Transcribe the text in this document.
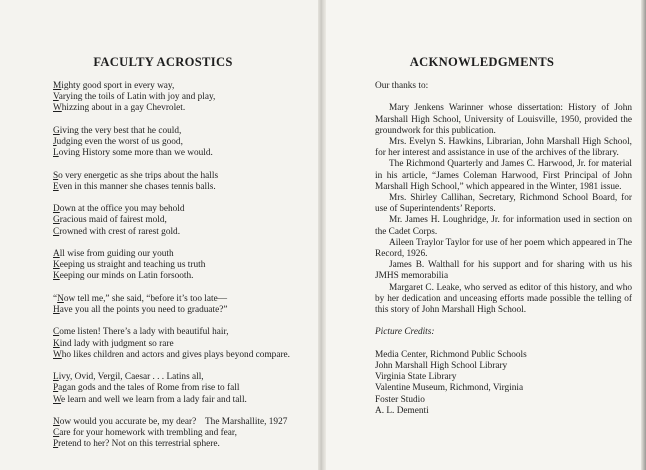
FACULTY ACROSTICS
Mighty good sport in every way,
Varying the toils of Latin with joy and play,
Whizzing about in a gay Chevrolet.
Giving the very best that he could,
Judging even the worst of us good,
Loving History some more than we would.
So very energetic as she trips about the halls
Even in this manner she chases tennis balls.
Down at the office you may behold
Gracious maid of fairest mold,
Crowned with crest of rarest gold.
All wise from guiding our youth
Keeping us straight and teaching us truth
Keeping our minds on Latin forsooth.
“Now tell me,” she said, “before it’s too late—
Have you all the points you need to graduate?”
Come listen! There’s a lady with beautiful hair,
Kind lady with judgment so rare
Who likes children and actors and gives plays beyond compare.
Livy, Ovid, Vergil, Caesar . . . Latins all,
Pagan gods and the tales of Rome from rise to fall
We learn and well we learn from a lady fair and tall.
Now would you accurate be, my dear?
Care for your homework with trembling and fear,
Pretend to her? Not on this terrestrial sphere.
The Marshallite, 1927
ACKNOWLEDGMENTS

Our thanks to:

Mary Jenkens Warinner whose dissertation: History of John Marshall High School, University of Louisville, 1950, provided the groundwork for this publication.

Mrs. Evelyn S. Hawkins, Librarian, John Marshall High School, for her interest and assistance in use of the archives of the library.

The Richmond Quarterly and James C. Harwood, Jr. for material in his article, “James Coleman Harwood, First Principal of John Marshall High School,” which appeared in the Winter, 1981 issue.

Mrs. Shirley Callihan, Secretary, Richmond School Board, for use of Superintendents’ Reports.

Mr. James H. Loughridge, Jr. for information used in section on the Cadet Corps.

Aileen Traylor Taylor for use of her poem which appeared in The Record, 1926.

James B. Walthall for his support and for sharing with us his JMHS memorabilia

Margaret C. Leake, who served as editor of this history, and who by her dedication and unceasing efforts made possible the telling of this story of John Marshall High School.

Picture Credits:

Media Center, Richmond Public Schools

John Marshall High School Library

Virginia State Library

Valentine Museum, Richmond, Virginia

Foster Studio

A. L. Dementi
